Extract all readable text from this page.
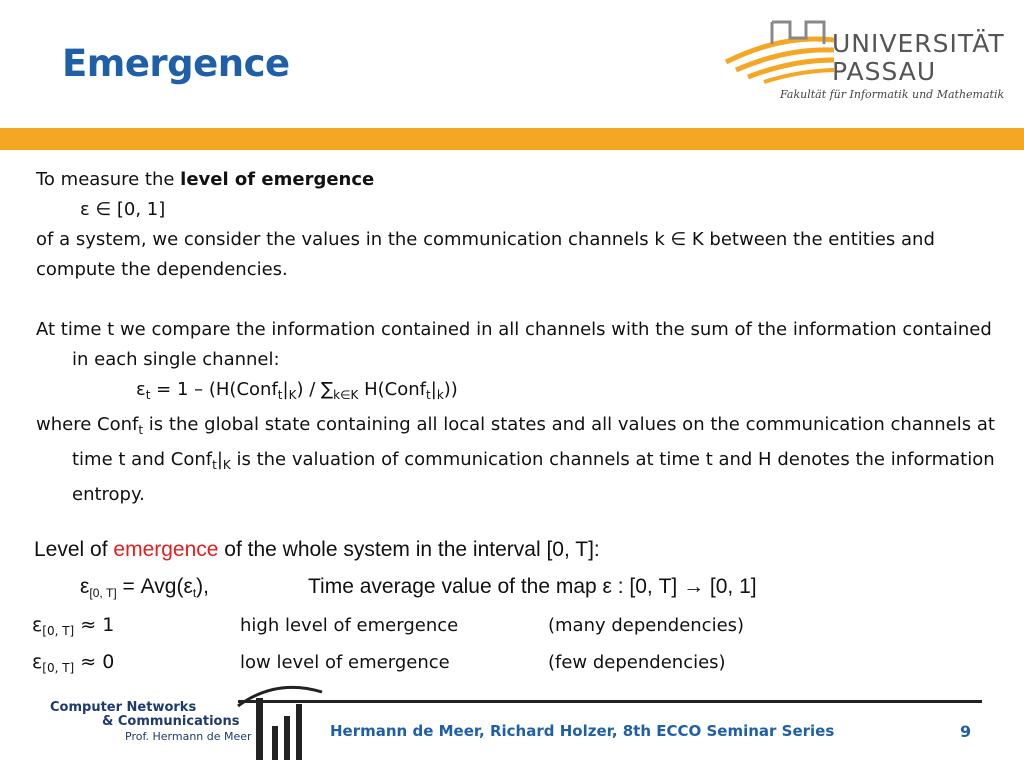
Emergence	UNIVERSITÄT
PASSAU
Fakultät für Informatik und Mathematik

To measure the level of emergence

ε ∈ [0, 1]

of a system, we consider the values in the communication channels k ∈ K between the entities and compute the dependencies.

At time t we compare the information contained in all channels with the sum of the information contained in each single channel:

$\varepsilon_t = 1$ – ($H(Conf_t|_K) / \sum_{k\in K}$ $H(Conf_t|_k)$)

where Conf$_t$ is the global state containing all local states and all values on the communication channels at time t and $Conf_t|_K$ is the valuation of communication channels at time t and H denotes the information entropy.

Level of emergence of the whole system in the interval [0, T]:
$\varepsilon_{[0, T]} = Avg(\varepsilon_t)$,	Time average value of the map ε : [0, T] → [0, 1]
$\varepsilon_{[0, T]} \approx 1$	high level of emergence	(many dependencies)
$\varepsilon_{[0, T]} \approx 0$	low level of emergence	(few dependencies)
Computer Networks
& Communications
Prof. Hermann de Meer	Hermann de Meer, Richard Holzer, 8th ECCO Seminar Series	9
